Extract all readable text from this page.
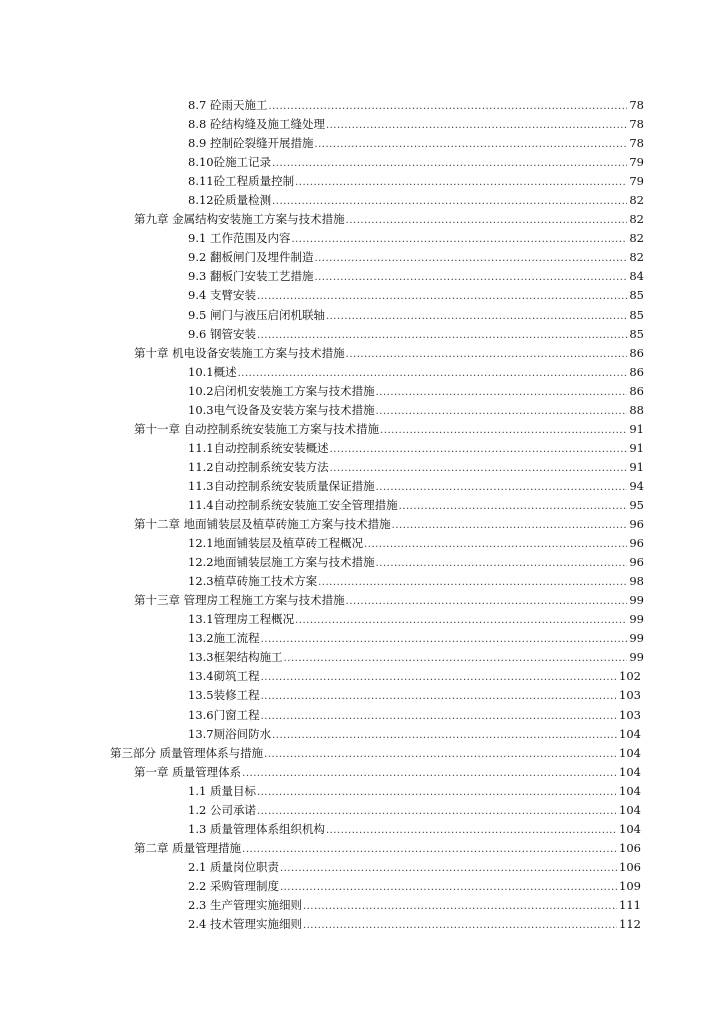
8.7 砼雨天施工 .....	78
8.8 砼结构缝及施工缝处理 .....	78
8.9 控制砼裂缝开展措施 .....	78
8.10砼施工记录 .....	79
8.11砼工程质量控制 .....	79
8.12砼质量检测 .....	82
第九章 金属结构安装施工方案与技术措施 .....	82
9.1 工作范围及内容 .....	82
9.2 翻板闸门及埋件制造 .....	82
9.3 翻板门安装工艺措施 .....	84
9.4 支臂安装 .....	85
9.5 闸门与液压启闭机联轴 .....	85
9.6 钢管安装 .....	85
第十章 机电设备安装施工方案与技术措施 .....	86
10.1概述 .....	86
10.2启闭机安装施工方案与技术措施 .....	86
10.3电气设备及安装方案与技术措施 .....	88
第十一章 自动控制系统安装施工方案与技术措施 .....	91
11.1自动控制系统安装概述 .....	91
11.2自动控制系统安装方法 .....	91
11.3自动控制系统安装质量保证措施 .....	94
11.4自动控制系统安装施工安全管理措施 .....	95
第十二章 地面铺装层及植草砖施工方案与技术措施 .....	96
12.1地面铺装层及植草砖工程概况 .....	96
12.2地面铺装层施工方案与技术措施 .....	96
12.3植草砖施工技术方案 .....	98
第十三章 管理房工程施工方案与技术措施 .....	99
13.1管理房工程概况 .....	99
13.2施工流程 .....	99
13.3框架结构施工 .....	99
13.4砌筑工程 .....	102
13.5装修工程 .....	103
13.6门窗工程 .....	103
13.7厕浴间防水 .....	104
第三部分 质量管理体系与措施 .....	104
第一章 质量管理体系 .....	104
1.1 质量目标 .....	104
1.2 公司承诺 .....	104
1.3 质量管理体系组织机构 .....	104
第二章 质量管理措施 .....	106
2.1 质量岗位职责 .....	106
2.2 采购管理制度 .....	109
2.3 生产管理实施细则 .....	111
2.4 技术管理实施细则 .....	112
